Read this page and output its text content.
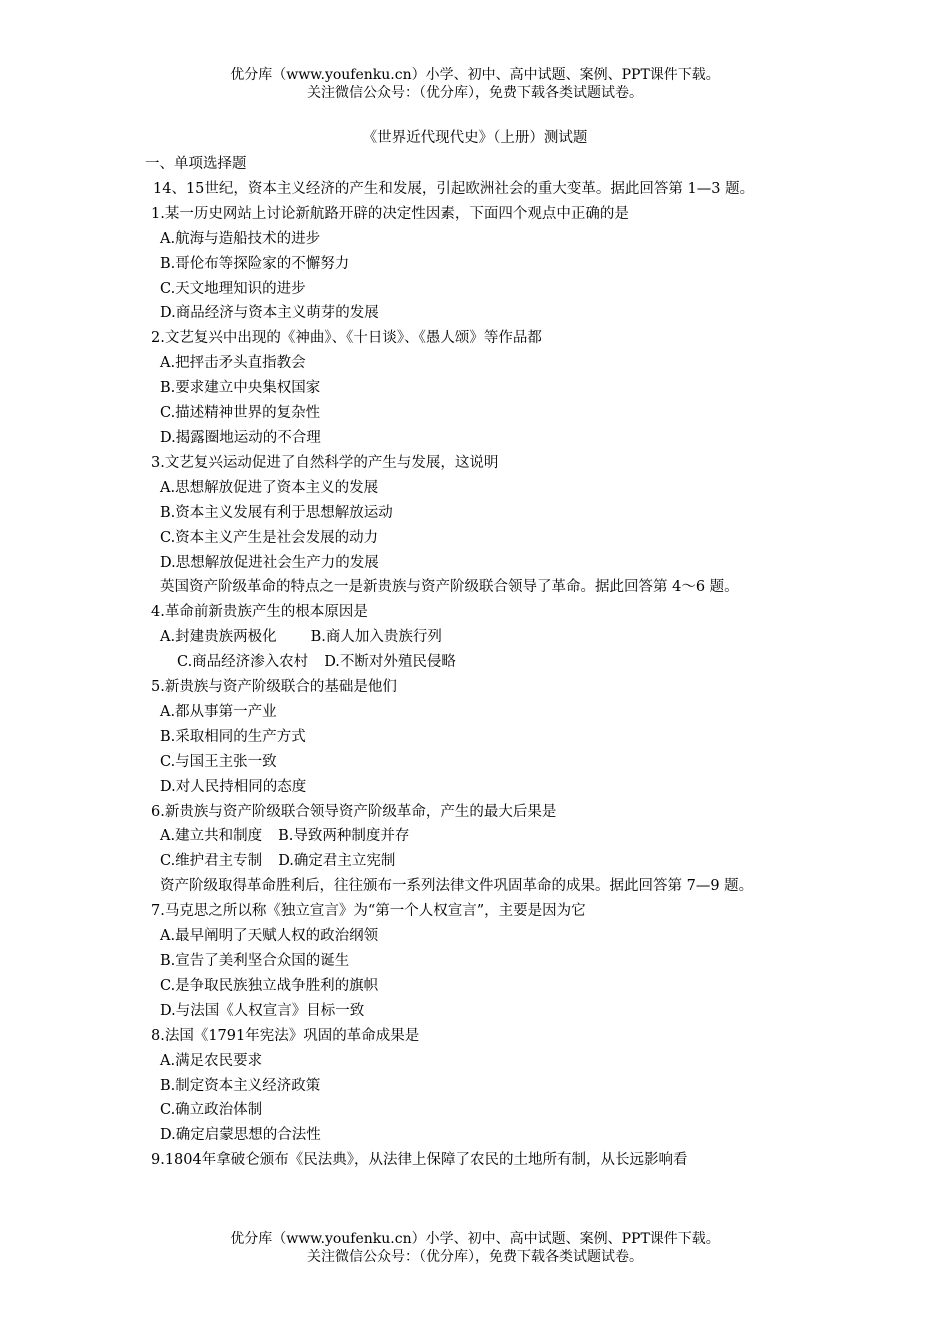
优分库（www.youfenku.cn）小学、初中、高中试题、案例、PPT课件下载。
关注微信公众号：（优分库），免费下载各类试题试卷。
《世界近代现代史》（上册）测试题
一、单项选择题
14、15世纪，资本主义经济的产生和发展，引起欧洲社会的重大变革。据此回答第 1—3 题。
1.某一历史网站上讨论新航路开辟的决定性因素，下面四个观点中正确的是
A.航海与造船技术的进步
B.哥伦布等探险家的不懈努力
C.天文地理知识的进步
D.商品经济与资本主义萌芽的发展
2.文艺复兴中出现的《神曲》、《十日谈》、《愚人颂》等作品都
A.把抨击矛头直指教会
B.要求建立中央集权国家
C.描述精神世界的复杂性
D.揭露圈地运动的不合理
3.文艺复兴运动促进了自然科学的产生与发展，这说明
A.思想解放促进了资本主义的发展
B.资本主义发展有利于思想解放运动
C.资本主义产生是社会发展的动力
D.思想解放促进社会生产力的发展
英国资产阶级革命的特点之一是新贵族与资产阶级联合领导了革命。据此回答第 4～6 题。
4.革命前新贵族产生的根本原因是
A.封建贵族两极化 B.商人加入贵族行列
C.商品经济渗入农村 D.不断对外殖民侵略
5.新贵族与资产阶级联合的基础是他们
A.都从事第一产业
B.采取相同的生产方式
C.与国王主张一致
D.对人民持相同的态度
6.新贵族与资产阶级联合领导资产阶级革命，产生的最大后果是
A.建立共和制度 B.导致两种制度并存
C.维护君主专制 D.确定君主立宪制
资产阶级取得革命胜利后，往往颁布一系列法律文件巩固革命的成果。据此回答第 7—9 题。
7.马克思之所以称《独立宣言》为“第一个人权宣言”，主要是因为它
A.最早阐明了天赋人权的政治纲领
B.宣告了美利坚合众国的诞生
C.是争取民族独立战争胜利的旗帜
D.与法国《人权宣言》目标一致
8.法国《1791年宪法》巩固的革命成果是
A.满足农民要求
B.制定资本主义经济政策
C.确立政治体制
D.确定启蒙思想的合法性
9.1804年拿破仑颁布《民法典》，从法律上保障了农民的土地所有制，从长远影响看
优分库（www.youfenku.cn）小学、初中、高中试题、案例、PPT课件下载。
关注微信公众号：（优分库），免费下载各类试题试卷。
